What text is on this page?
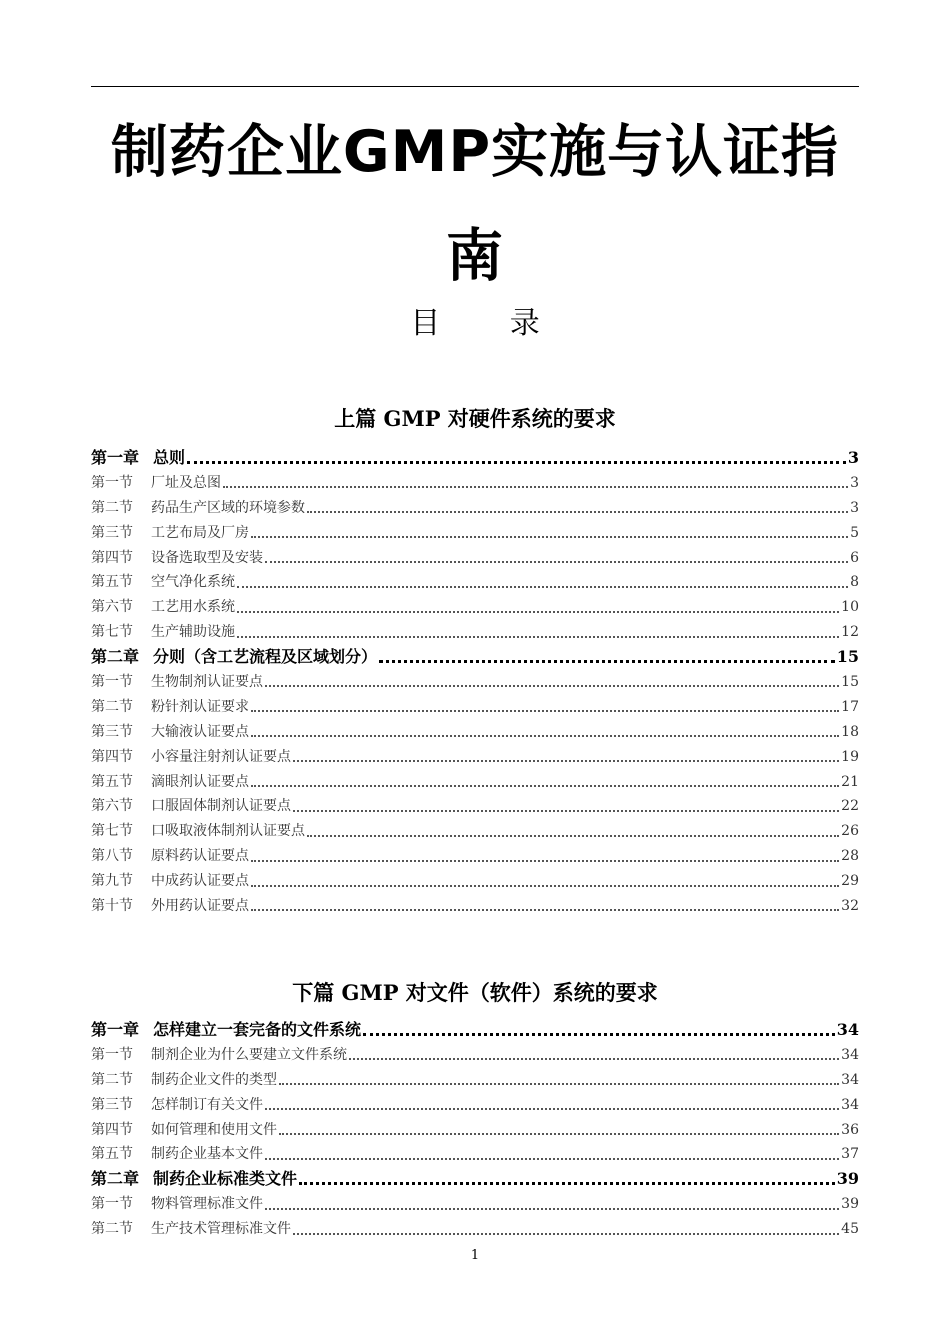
制药企业GMP实施与认证指
南
目 录
上篇 GMP 对硬件系统的要求
第一章 总则	3
第一节 厂址及总图	3
第二节 药品生产区域的环境参数	3
第三节 工艺布局及厂房	5
第四节 设备选取型及安装	6
第五节 空气净化系统	8
第六节 工艺用水系统	10
第七节 生产辅助设施	12
第二章 分则（含工艺流程及区域划分）	15
第一节 生物制剂认证要点	15
第二节 粉针剂认证要求	17
第三节 大输液认证要点	18
第四节 小容量注射剂认证要点	19
第五节 滴眼剂认证要点	21
第六节 口服固体制剂认证要点	22
第七节 口吸取液体制剂认证要点	26
第八节 原料药认证要点	28
第九节 中成药认证要点	29
第十节 外用药认证要点	32
下篇 GMP 对文件（软件）系统的要求
第一章 怎样建立一套完备的文件系统	34
第一节 制剂企业为什么要建立文件系统	34
第二节 制药企业文件的类型	34
第三节 怎样制订有关文件	34
第四节 如何管理和使用文件	36
第五节 制药企业基本文件	37
第二章 制药企业标准类文件	39
第一节 物料管理标准文件	39
第二节 生产技术管理标准文件	45
1
